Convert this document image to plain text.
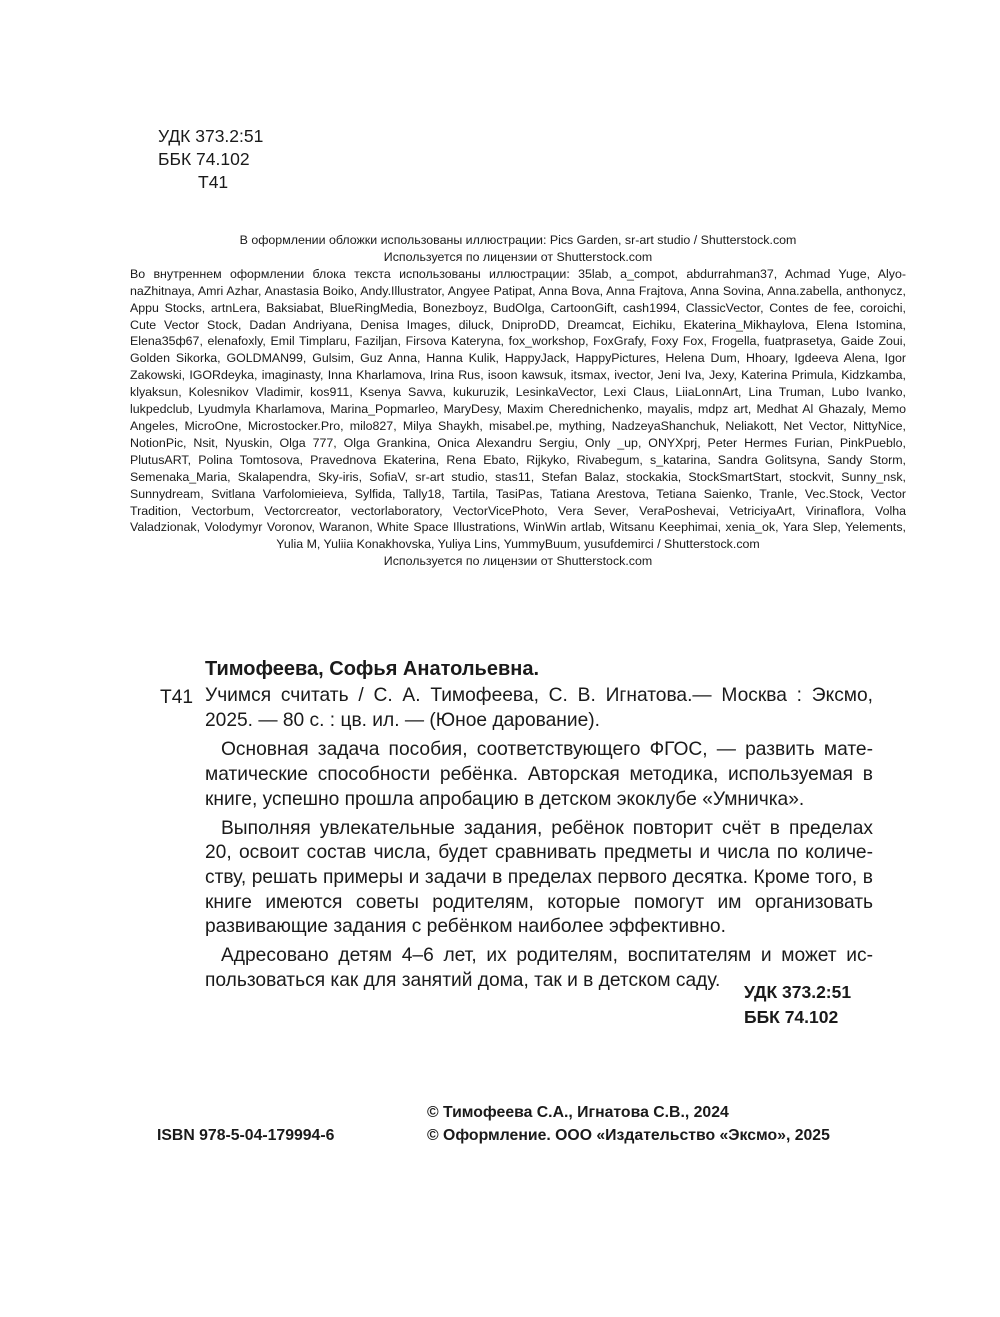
УДК 373.2:51
ББК 74.102
Т41

В оформлении обложки использованы иллюстрации: Pics Garden, sr-art studio / Shutterstock.com

Используется по лицензии от Shutterstock.com

Во внутреннем оформлении блока текста использованы иллюстрации: 35lab, a_compot, abdurrahman37, Achmad Yuge, AlyonaZhitnaya, Amri Azhar, Anastasia Boiko, Andy.Illustrator, Angyee Patipat, Anna Bova, Anna Frajtova, Anna Sovina, Anna.zabella, anthonycz, Appu Stocks, artnLera, Baksiabat, BlueRingMedia, Bonezboyz, BudOlga, CartoonGift, cash1994, ClassicVector, Contes de fee, coroichi, Cute Vector Stock, Dadan Andriyana, Denisa Images, diluck, DniproDD, Dreamcat, Eichiku, Ekaterina_Mikhaylova, Elena Istomina, Elena35ф67, elenafoxly, Emil Timplaru, Faziljan, Firsova Kateryna, fox_workshop, FoxGrafy, Foxy Fox, Frogella, fuatprasetya, Gaide Zoui, Golden Sikorka, GOLDMAN99, Gulsim, Guz Anna, Hanna Kulik, HappyJack, HappyPictures, Helena Dum, Hhoary, Igdeeva Alena, Igor Zakowski, IGORdeyka, imaginasty, Inna Kharlamova, Irina Rus, isoon kawsuk, itsmax, ivector, Jeni Iva, Jexy, Katerina Primula, Kidzkamba, klyaksun, Kolesnikov Vladimir, kos911, Ksenya Savva, kukuruzik, LesinkaVector, Lexi Claus, LiiaLonnArt, Lina Truman, Lubo Ivanko, lukpedclub, Lyudmyla Kharlamova, Marina_Popmarleo, MaryDesy, Maxim Cherednichenko, mayalis, mdpz art, Medhat Al Ghazaly, Memo Angeles, MicroOne, Microstocker.Pro, milo827, Milya Shaykh, misabel.pe, mything, NadzeyaShanchuk, Neliakott, Net Vector, NittyNice, NotionPic, Nsit, Nyuskin, Olga 777, Olga Grankina, Onica Alexandru Sergiu, Only _up, ONYXprj, Peter Hermes Furian, PinkPueblo, PlutusART, Polina Tomtosova, Pravednova Ekaterina, Rena Ebato, Rijkyko, Rivabegum, s_katarina, Sandra Golitsyna, Sandy Storm, Semenaka_Maria, Skalapendra, Sky-iris, SofiaV, sr-art studio, stas11, Stefan Balaz, stockakia, StockSmartStart, stockvit, Sunny_nsk, Sunnydream, Svitlana Varfolomieieva, Sylfida, Tally18, Tartila, TasiPas, Tatiana Arestova, Tetiana Saienko, Tranle, Vec.Stock, Vector Tradition, Vectorbum, Vectorcreator, vectorlaboratory, VectorVicePhoto, Vera Sever, VeraPoshevai, VetriciyaArt, Virinaflora, Volha Valadzionak, Volodymyr Voronov, Waranon, White Space Illustrations, WinWin artlab, Witsanu Keephimai, xenia_ok, Yara Slep, Yelements, Yulia M, Yuliia Konakhovska, Yuliya Lins, YummyBuum, yusufdemirci / Shutterstock.com

Используется по лицензии от Shutterstock.com

Тимофеева, Софья Анатольевна.
Т41 Учимся считать / С. А. Тимофеева, С. В. Игнатова.— Москва : Эксмо, 2025. — 80 с. : цв. ил. — (Юное дарование).

Основная задача пособия, соответствующего ФГОС, — развить математические способности ребёнка. Авторская методика, используемая в книге, успешно прошла апробацию в детском экоклубе «Умничка».

Выполняя увлекательные задания, ребёнок повторит счёт в пределах 20, освоит состав числа, будет сравнивать предметы и числа по количеству, решать примеры и задачи в пределах первого десятка. Кроме того, в книге имеются советы родителям, которые помогут им организовать развивающие задания с ребёнком наиболее эффективно.

Адресовано детям 4–6 лет, их родителям, воспитателям и может использоваться как для занятий дома, так и в детском саду.

УДК 373.2:51
ББК 74.102
© Тимофеева С.А., Игнатова С.В., 2024
© Оформление. ООО «Издательство «Эксмо», 2025
ISBN 978-5-04-179994-6
